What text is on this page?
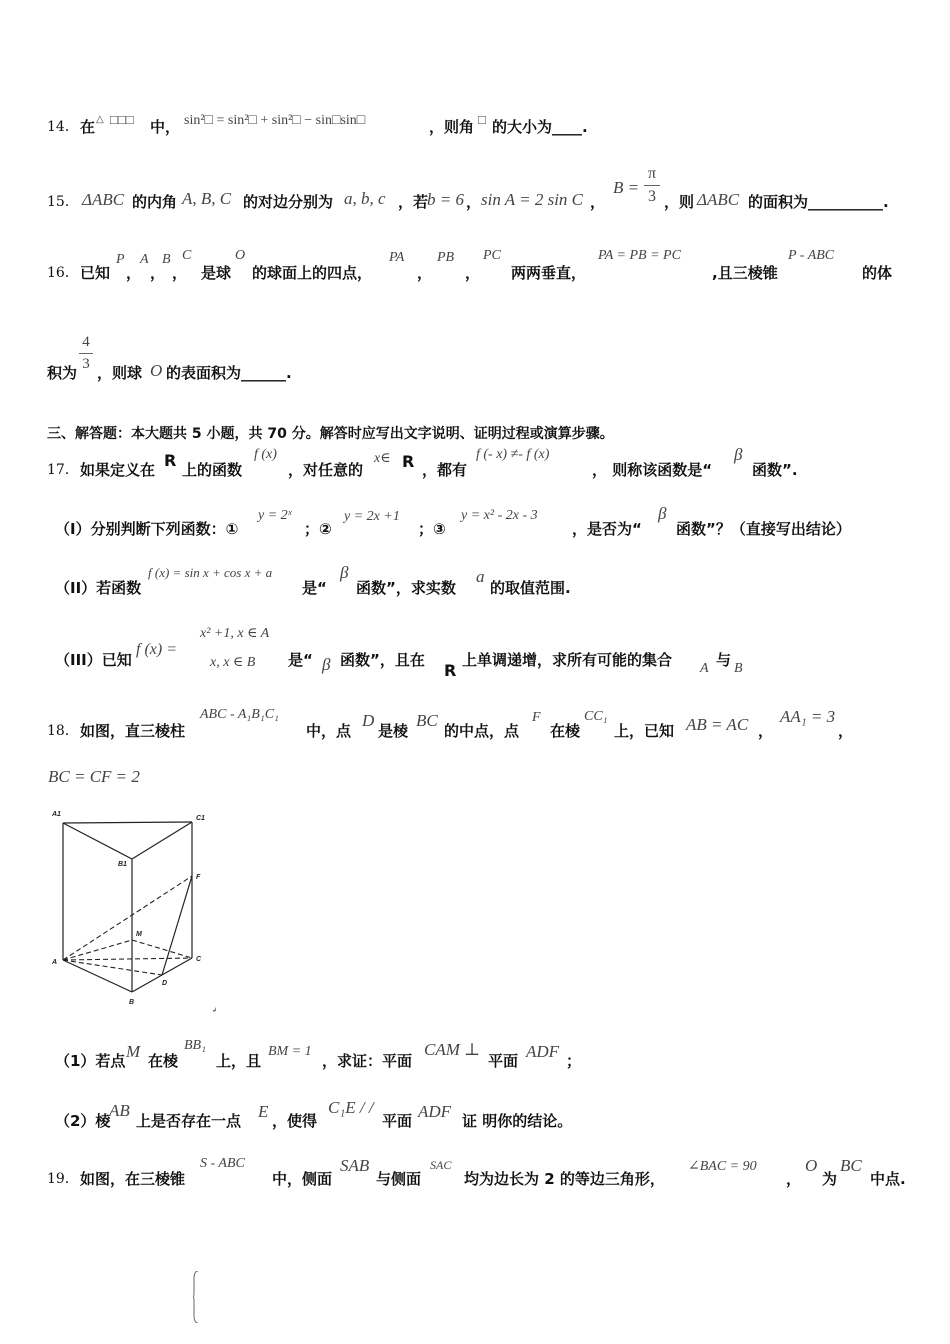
14． 在 △ □□□ 中， sin²□ = sin²□ + sin²□ − sin□sin□	，则角 □ 的大小为____.
15． ΔABC 的内角 A, B, C 的对边分别为 a, b, c ，若
b = 6 ， sin A = 2 sin C ，
B =
π
3 ，则 ΔABC 的面积为__________.
16． 已知
P
，
A
，
B
，
C
是球
O
的球面上的四点，
PA
，
PB
，
PC
两两垂直，
PA = PB = PC
,且三棱锥
P - ABC
的体
积为
4
3 ，则球 O 的表面积为______.
三、解答题：本大题共 5 小题，共 70 分。解答时应写出文字说明、证明过程或演算步骤。
17． 如果定义在 R 上的函数
f (x)
，对任意的
x∈ R ，都有
f (- x) ≠- f (x)
， 则称该函数是“
β
函数”.
（I）分别判断下列函数：①
y = 2ˣ
；②
y = 2x +1
；③
y = x² - 2x - 3
，是否为“
β
函数”？（直接写出结论）
（II）若函数
f (x) = sin x + cos x + a
是“
β
函数”，求实数
a
的取值范围.
（III）已知
f (x) =
x² +1, x ∈ A
x, x ∈ B 是“ β 函数”，且在
R
上单调递增，求所有可能的集合 A 与 B
18． 如图，直三棱柱
ABC - A₁B₁C₁
中，点
D
是棱
BC
的中点，点
F
在棱
CC₁
上，已知 AB = AC ，
AA₁ = 3
，
BC = CF = 2
A1
C1
B1
F
M
A	C
D
B
↲
（1）若点 M 在棱
BB₁
上，且
BM = 1
，求证：平面
CAM ⊥
平面 ADF ；
（2）棱
AB
上是否存在一点 E ，使得
C₁E / /
平面 ADF 证 明你的结论。
19． 如图，在三棱锥
S - ABC
中，侧面
SAB
与侧面
SAC
均为边长为 2 的等边三角形，
∠BAC = 90
，
O
为
BC
中点.
